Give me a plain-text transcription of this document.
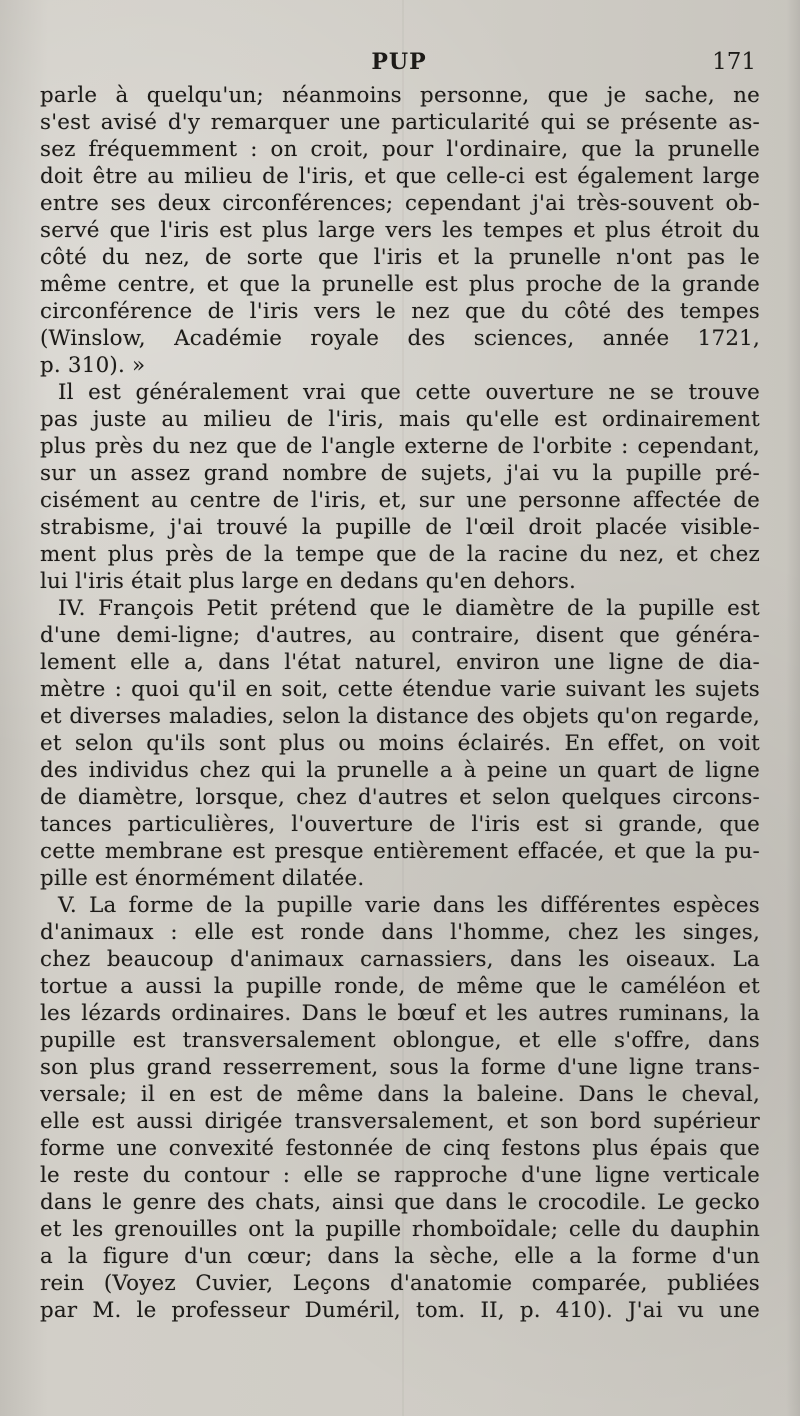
PUP	171
parle à quelqu'un; néanmoins personne, que je sache, ne
s'est avisé d'y remarquer une particularité qui se présente as-
sez fréquemment : on croit, pour l'ordinaire, que la prunelle
doit être au milieu de l'iris, et que celle-ci est également large
entre ses deux circonférences; cependant j'ai très-souvent ob-
servé que l'iris est plus large vers les tempes et plus étroit du
côté du nez, de sorte que l'iris et la prunelle n'ont pas le
même centre, et que la prunelle est plus proche de la grande
circonférence de l'iris vers le nez que du côté des tempes
(Winslow, Académie royale des sciences, année 1721,
p. 310). »
Il est généralement vrai que cette ouverture ne se trouve
pas juste au milieu de l'iris, mais qu'elle est ordinairement
plus près du nez que de l'angle externe de l'orbite : cependant,
sur un assez grand nombre de sujets, j'ai vu la pupille pré-
cisément au centre de l'iris, et, sur une personne affectée de
strabisme, j'ai trouvé la pupille de l'œil droit placée visible-
ment plus près de la tempe que de la racine du nez, et chez
lui l'iris était plus large en dedans qu'en dehors.
IV. François Petit prétend que le diamètre de la pupille est
d'une demi-ligne; d'autres, au contraire, disent que généra-
lement elle a, dans l'état naturel, environ une ligne de dia-
mètre : quoi qu'il en soit, cette étendue varie suivant les sujets
et diverses maladies, selon la distance des objets qu'on regarde,
et selon qu'ils sont plus ou moins éclairés. En effet, on voit
des individus chez qui la prunelle a à peine un quart de ligne
de diamètre, lorsque, chez d'autres et selon quelques circons-
tances particulières, l'ouverture de l'iris est si grande, que
cette membrane est presque entièrement effacée, et que la pu-
pille est énormément dilatée.
V. La forme de la pupille varie dans les différentes espèces
d'animaux : elle est ronde dans l'homme, chez les singes,
chez beaucoup d'animaux carnassiers, dans les oiseaux. La
tortue a aussi la pupille ronde, de même que le caméléon et
les lézards ordinaires. Dans le bœuf et les autres ruminans, la
pupille est transversalement oblongue, et elle s'offre, dans
son plus grand resserrement, sous la forme d'une ligne trans-
versale; il en est de même dans la baleine. Dans le cheval,
elle est aussi dirigée transversalement, et son bord supérieur
forme une convexité festonnée de cinq festons plus épais que
le reste du contour : elle se rapproche d'une ligne verticale
dans le genre des chats, ainsi que dans le crocodile. Le gecko
et les grenouilles ont la pupille rhomboïdale; celle du dauphin
a la figure d'un cœur; dans la sèche, elle a la forme d'un
rein (Voyez Cuvier, Leçons d'anatomie comparée, publiées
par M. le professeur Duméril, tom. II, p. 410). J'ai vu une
